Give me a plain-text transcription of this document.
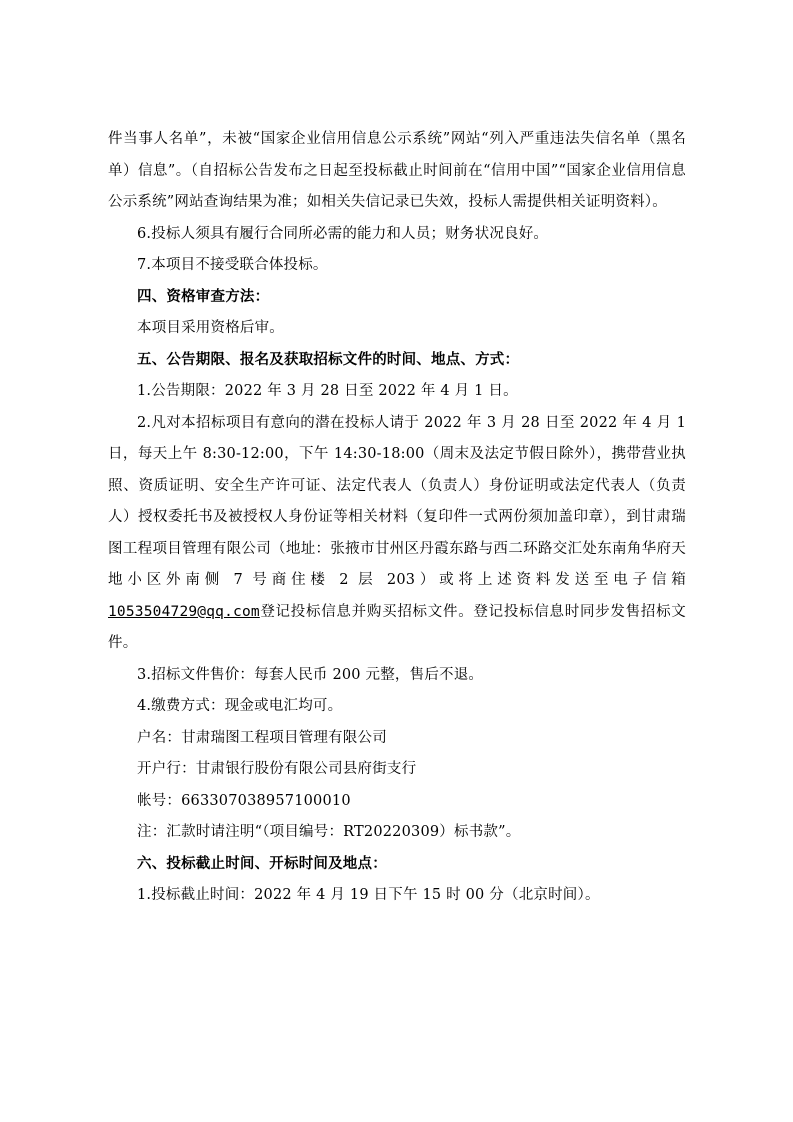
件当事人名单”，未被“国家企业信用信息公示系统”网站“列入严重违法失信名单（黑名单）信息”。（自招标公告发布之日起至投标截止时间前在“信用中国”“国家企业信用信息公示系统”网站查询结果为准；如相关失信记录已失效，投标人需提供相关证明资料）。

6.投标人须具有履行合同所必需的能力和人员；财务状况良好。

7.本项目不接受联合体投标。

四、资格审查方法：

本项目采用资格后审。

五、公告期限、报名及获取招标文件的时间、地点、方式：

1.公告期限：2022 年 3 月 28 日至 2022 年 4 月 1 日。

2.凡对本招标项目有意向的潜在投标人请于 2022 年 3 月 28 日至 2022 年 4 月 1 日，每天上午 8:30-12:00，下午 14:30-18:00（周末及法定节假日除外），携带营业执照、资质证明、安全生产许可证、法定代表人（负责人）身份证明或法定代表人（负责人）授权委托书及被授权人身份证等相关材料（复印件一式两份须加盖印章），到甘肃瑞图工程项目管理有限公司（地址：张掖市甘州区丹霞东路与西二环路交汇处东南角华府天地小区外南侧 7 号商住楼 2 层 203）或将上述资料发送至电子信箱 1053504729@qq.com登记投标信息并购买招标文件。登记投标信息时同步发售招标文件。

3.招标文件售价：每套人民币 200 元整，售后不退。

4.缴费方式：现金或电汇均可。

户名：甘肃瑞图工程项目管理有限公司

开户行：甘肃银行股份有限公司县府街支行

帐号：663307038957100010

注：汇款时请注明“（项目编号：RT20220309）标书款”。

六、投标截止时间、开标时间及地点：

1.投标截止时间：2022 年 4 月 19 日下午 15 时 00 分（北京时间）。
